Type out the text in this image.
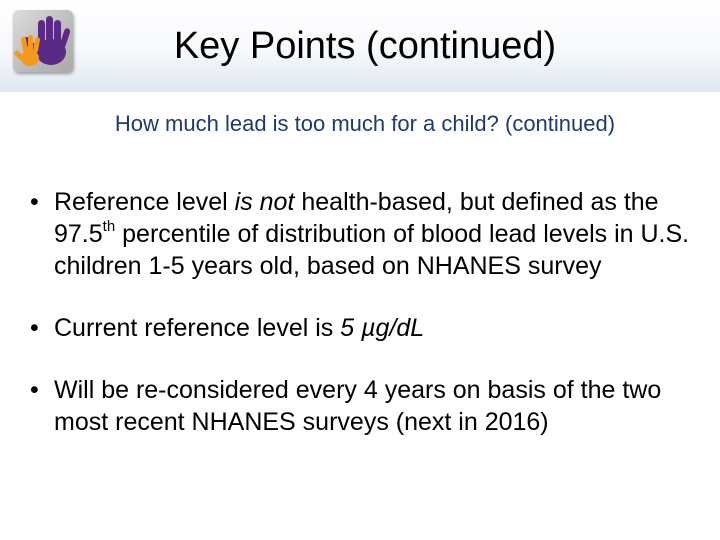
Key Points (continued)
How much lead is too much for a child? (continued)
• Reference level is not health-based, but defined as the 97.5th percentile of distribution of blood lead levels in U.S. children 1-5 years old, based on NHANES survey
• Current reference level is 5 µg/dL
• Will be re-considered every 4 years on basis of the two most recent NHANES surveys (next in 2016)
